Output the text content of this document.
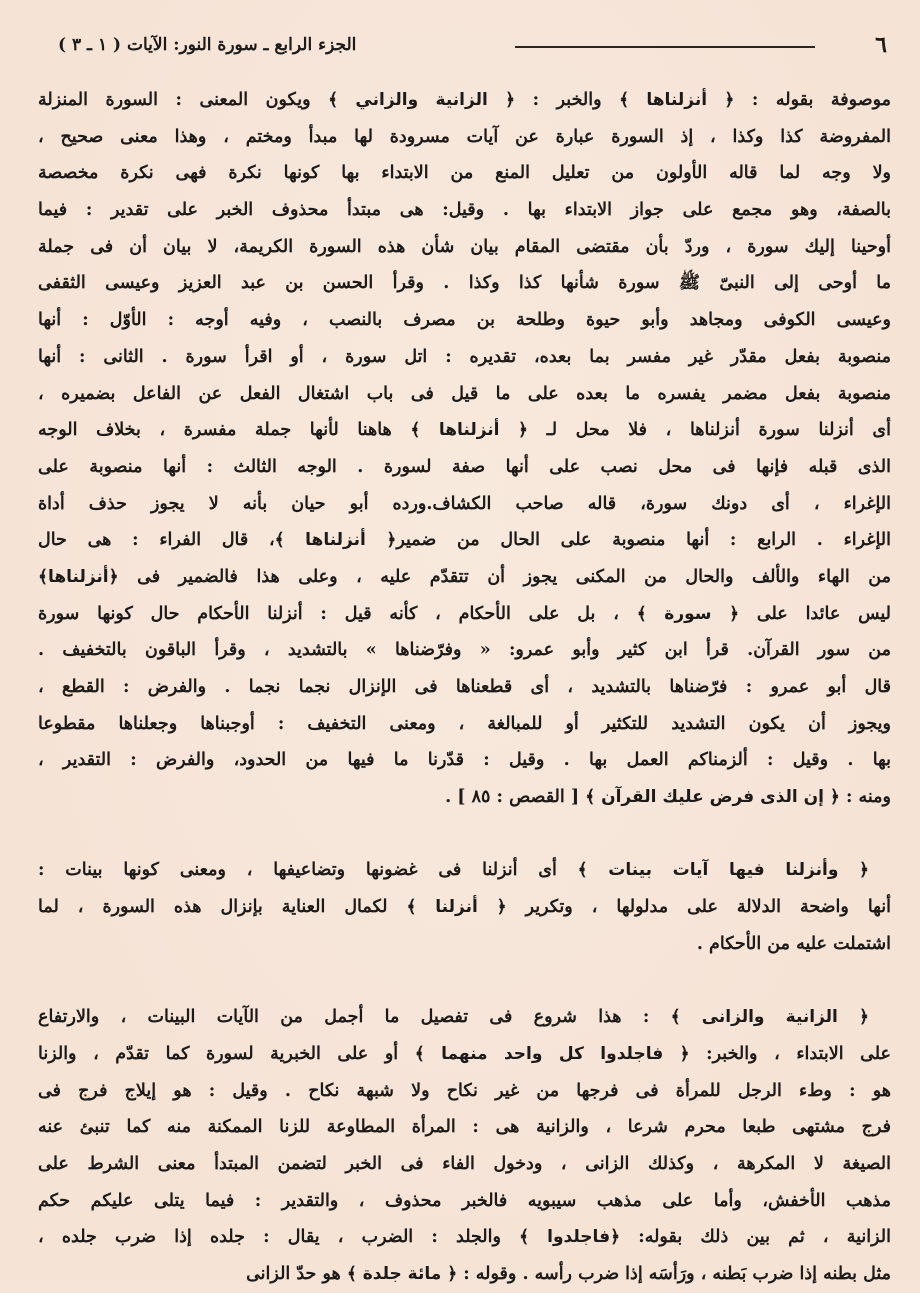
٦
الجزء الرابع ـ سورة النور: الآيات ( ١ ـ ٣ )
موصوفة بقوله : ﴿ أنزلناها ﴾ والخبر : ﴿ الزانية والزاني ﴾ ويكون المعنى : السورة المنزلة
المفروضة كذا وكذا ، إذ السورة عبارة عن آيات مسرودة لها مبدأ ومختم ، وهذا معنى صحيح ،
ولا وجه لما قاله الأولون من تعليل المنع من الابتداء بها كونها نكرة فهى نكرة مخصصة
بالصفة، وهو مجمع على جواز الابتداء بها . وقيل: هى مبتدأ محذوف الخبر على تقدير : فيما
أوحينا إليك سورة ، وردّ بأن مقتضى المقام بيان شأن هذه السورة الكريمة، لا بيان أن فى جملة
ما أوحى إلى النبىّ ﷺ سورة شأنها كذا وكذا . وقرأ الحسن بن عبد العزيز وعيسى الثقفى
وعيسى الكوفى ومجاهد وأبو حيوة وطلحة بن مصرف بالنصب ، وفيه أوجه : الأوّل : أنها
منصوبة بفعل مقدّر غير مفسر بما بعده، تقديره : اتل سورة ، أو اقرأ سورة . الثانى : أنها
منصوبة بفعل مضمر يفسره ما بعده على ما قيل فى باب اشتغال الفعل عن الفاعل بضميره ،
أى أنزلنا سورة أنزلناها ، فلا محل لـ ﴿ أنزلناها ﴾ هاهنا لأنها جملة مفسرة ، بخلاف الوجه
الذى قبله فإنها فى محل نصب على أنها صفة لسورة . الوجه الثالث : أنها منصوبة على
الإغراء ، أى دونك سورة، قاله صاحب الكشاف.ورده أبو حيان بأنه لا يجوز حذف أداة
الإغراء . الرابع : أنها منصوبة على الحال من ضمير﴿ أنزلناها ﴾، قال الفراء : هى حال
من الهاء والألف والحال من المكنى يجوز أن تتقدّم عليه ، وعلى هذا فالضمير فى ﴿أنزلناها﴾
ليس عائدا على ﴿ سورة ﴾ ، بل على الأحكام ، كأنه قيل : أنزلنا الأحكام حال كونها سورة
من سور القرآن. قرأ ابن كثير وأبو عمرو: « وفرّضناها » بالتشديد ، وقرأ الباقون بالتخفيف .
قال أبو عمرو : فرّضناها بالتشديد ، أى قطعناها فى الإنزال نجما نجما . والفرض : القطع ،
ويجوز أن يكون التشديد للتكثير أو للمبالغة ، ومعنى التخفيف : أوجبناها وجعلناها مقطوعا
بها . وقيل : ألزمناكم العمل بها . وقيل : قدّرنا ما فيها من الحدود، والفرض : التقدير ،
ومنه : ﴿ إن الذى فرض عليك القرآن ﴾ [ القصص : ٨٥ ] .
﴿ وأنزلنا فيها آيات بينات ﴾ أى أنزلنا فى غضونها وتضاعيفها ، ومعنى كونها بينات :
أنها واضحة الدلالة على مدلولها ، وتكرير ﴿ أنزلنا ﴾ لكمال العناية بإنزال هذه السورة ، لما
اشتملت عليه من الأحكام .
﴿ الزانية والزانى ﴾ : هذا شروع فى تفصيل ما أجمل من الآيات البينات ، والارتفاع
على الابتداء ، والخبر: ﴿ فاجلدوا كل واحد منهما ﴾ أو على الخبرية لسورة كما تقدّم ، والزنا
هو : وطء الرجل للمرأة فى فرجها من غير نكاح ولا شبهة نكاح . وقيل : هو إيلاج فرج فى
فرج مشتهى طبعا محرم شرعا ، والزانية هى : المرأة المطاوعة للزنا الممكنة منه كما تنبئ عنه
الصيغة لا المكرهة ، وكذلك الزانى ، ودخول الفاء فى الخبر لتضمن المبتدأ معنى الشرط على
مذهب الأخفش، وأما على مذهب سيبويه فالخبر محذوف ، والتقدير : فيما يتلى عليكم حكم
الزانية ، ثم بين ذلك بقوله: ﴿فاجلدوا ﴾ والجلد : الضرب ، يقال : جلده إذا ضرب جلده ،
مثل بطنه إذا ضرب بَطنه ، ورَأسَه إذا ضرب رأسه . وقوله : ﴿ مائة جلدة ﴾ هو حدّ الزانى
